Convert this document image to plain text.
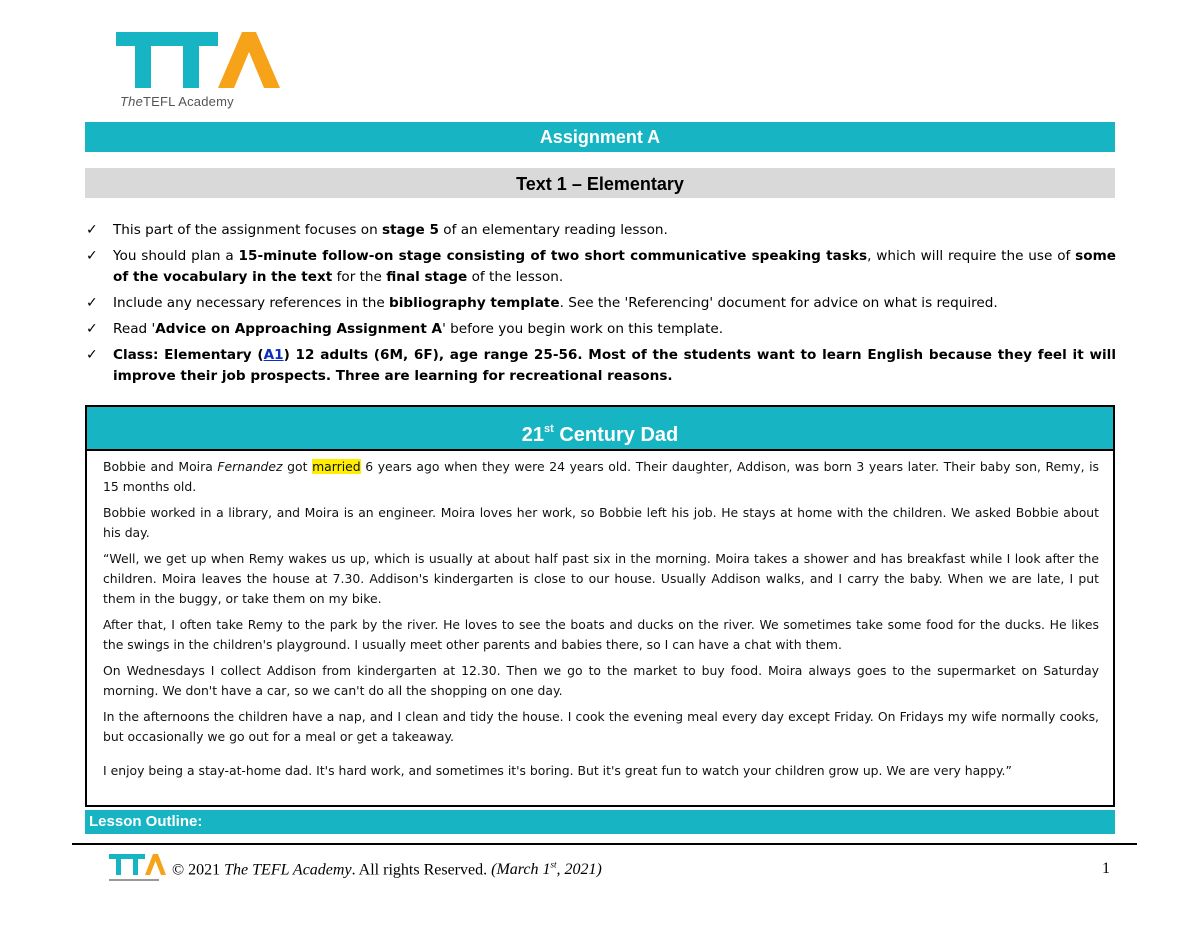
TheTEFL Academy
Assignment A
Text 1 – Elementary
✓ This part of the assignment focuses on stage 5 of an elementary reading lesson.
✓ You should plan a 15-minute follow-on stage consisting of two short communicative speaking tasks, which will require the use of some of the vocabulary in the text for the final stage of the lesson.
✓ Include any necessary references in the bibliography template. See the 'Referencing' document for advice on what is required.
✓ Read 'Advice on Approaching Assignment A' before you begin work on this template.
✓ Class: Elementary (A1) 12 adults (6M, 6F), age range 25-56. Most of the students want to learn English because they feel it will improve their job prospects. Three are learning for recreational reasons.
21st Century Dad

Bobbie and Moira Fernandez got married 6 years ago when they were 24 years old. Their daughter, Addison, was born 3 years later. Their baby son, Remy, is 15 months old.

Bobbie worked in a library, and Moira is an engineer. Moira loves her work, so Bobbie left his job. He stays at home with the children. We asked Bobbie about his day.

“Well, we get up when Remy wakes us up, which is usually at about half past six in the morning. Moira takes a shower and has breakfast while I look after the children. Moira leaves the house at 7.30. Addison's kindergarten is close to our house. Usually Addison walks, and I carry the baby. When we are late, I put them in the buggy, or take them on my bike.

After that, I often take Remy to the park by the river. He loves to see the boats and ducks on the river. We sometimes take some food for the ducks. He likes the swings in the children's playground. I usually meet other parents and babies there, so I can have a chat with them.

On Wednesdays I collect Addison from kindergarten at 12.30. Then we go to the market to buy food. Moira always goes to the supermarket on Saturday morning. We don't have a car, so we can't do all the shopping on one day.

In the afternoons the children have a nap, and I clean and tidy the house. I cook the evening meal every day except Friday. On Fridays my wife normally cooks, but occasionally we go out for a meal or get a takeaway.

I enjoy being a stay-at-home dad. It's hard work, and sometimes it's boring. But it's great fun to watch your children grow up. We are very happy.”

Lesson Outline:
© 2021 The TEFL Academy. All rights Reserved. (March 1st, 2021)	1
